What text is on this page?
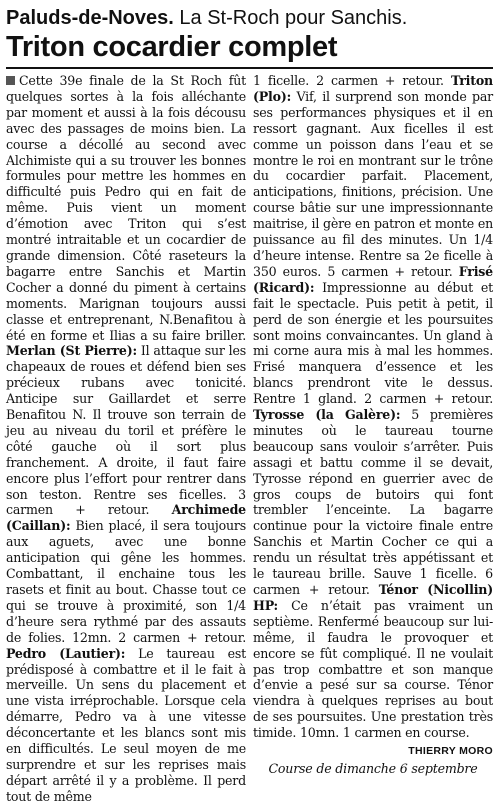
Paluds-de-Noves. La St-Roch pour Sanchis.
Triton cocardier complet

Cette 39e finale de la St Roch fût quelques sortes à la fois alléchante par moment et aussi à la fois décousu avec des passages de moins bien. La course a décollé au second avec Alchimiste qui a su trouver les bonnes formules pour mettre les hommes en difficulté puis Pedro qui en fait de même. Puis vient un moment d’émotion avec Triton qui s’est montré intraitable et un cocardier de grande dimension. Côté raseteurs la bagarre entre Sanchis et Martin Cocher a donné du piment à certains moments. Marignan toujours aussi classe et entreprenant, N.Benafitou à été en forme et Ilias a su faire briller. Merlan (St Pierre): Il attaque sur les chapeaux de roues et défend bien ses précieux rubans avec tonicité. Anticipe sur Gaillardet et serre Benafitou N. Il trouve son terrain de jeu au niveau du toril et préfère le côté gauche où il sort plus franchement. A droite, il faut faire encore plus l’effort pour rentrer dans son teston. Rentre ses ficelles. 3 carmen + retour. Archimede (Caillan): Bien placé, il sera toujours aux aguets, avec une bonne anticipation qui gêne les hommes. Combattant, il enchaine tous les rasets et finit au bout. Chasse tout ce qui se trouve à proximité, son 1/4 d’heure sera rythmé par des assauts de folies. 12mn. 2 carmen + retour. Pedro (Lautier): Le taureau est prédisposé à combattre et il le fait à merveille. Un sens du placement et une vista irréprochable. Lorsque cela démarre, Pedro va à une vitesse déconcertante et les blancs sont mis en difficultés. Le seul moyen de me surprendre et sur les reprises mais départ arrêté il y a problème. Il perd tout de même

1 ficelle. 2 carmen + retour. Triton (Plo): Vif, il surprend son monde par ses performances physiques et il en ressort gagnant. Aux ficelles il est comme un poisson dans l’eau et se montre le roi en montrant sur le trône du cocardier parfait. Placement, anticipations, finitions, précision. Une course bâtie sur une impressionnante maitrise, il gère en patron et monte en puissance au fil des minutes. Un 1/4 d’heure intense. Rentre sa 2e ficelle à 350 euros. 5 carmen + retour. Frisé (Ricard): Impressionne au début et fait le spectacle. Puis petit à petit, il perd de son énergie et les poursuites sont moins convaincantes. Un gland à mi corne aura mis à mal les hommes. Frisé manquera d’essence et les blancs prendront vite le dessus. Rentre 1 gland. 2 carmen + retour. Tyrosse (la Galère): 5 premières minutes où le taureau tourne beaucoup sans vouloir s’arrêter. Puis assagi et battu comme il se devait, Tyrosse répond en guerrier avec de gros coups de butoirs qui font trembler l’enceinte. La bagarre continue pour la victoire finale entre Sanchis et Martin Cocher ce qui a rendu un résultat très appétissant et le taureau brille. Sauve 1 ficelle. 6 carmen + retour. Ténor (Nicollin) HP: Ce n’était pas vraiment un septième. Renfermé beaucoup sur lui-même, il faudra le provoquer et encore se fût compliqué. Il ne voulait pas trop combattre et son manque d’envie a pesé sur sa course. Ténor viendra à quelques reprises au bout de ses poursuites. Une prestation très timide. 10mn. 1 carmen en course.

THIERRY MORO
Course de dimanche 6 septembre
